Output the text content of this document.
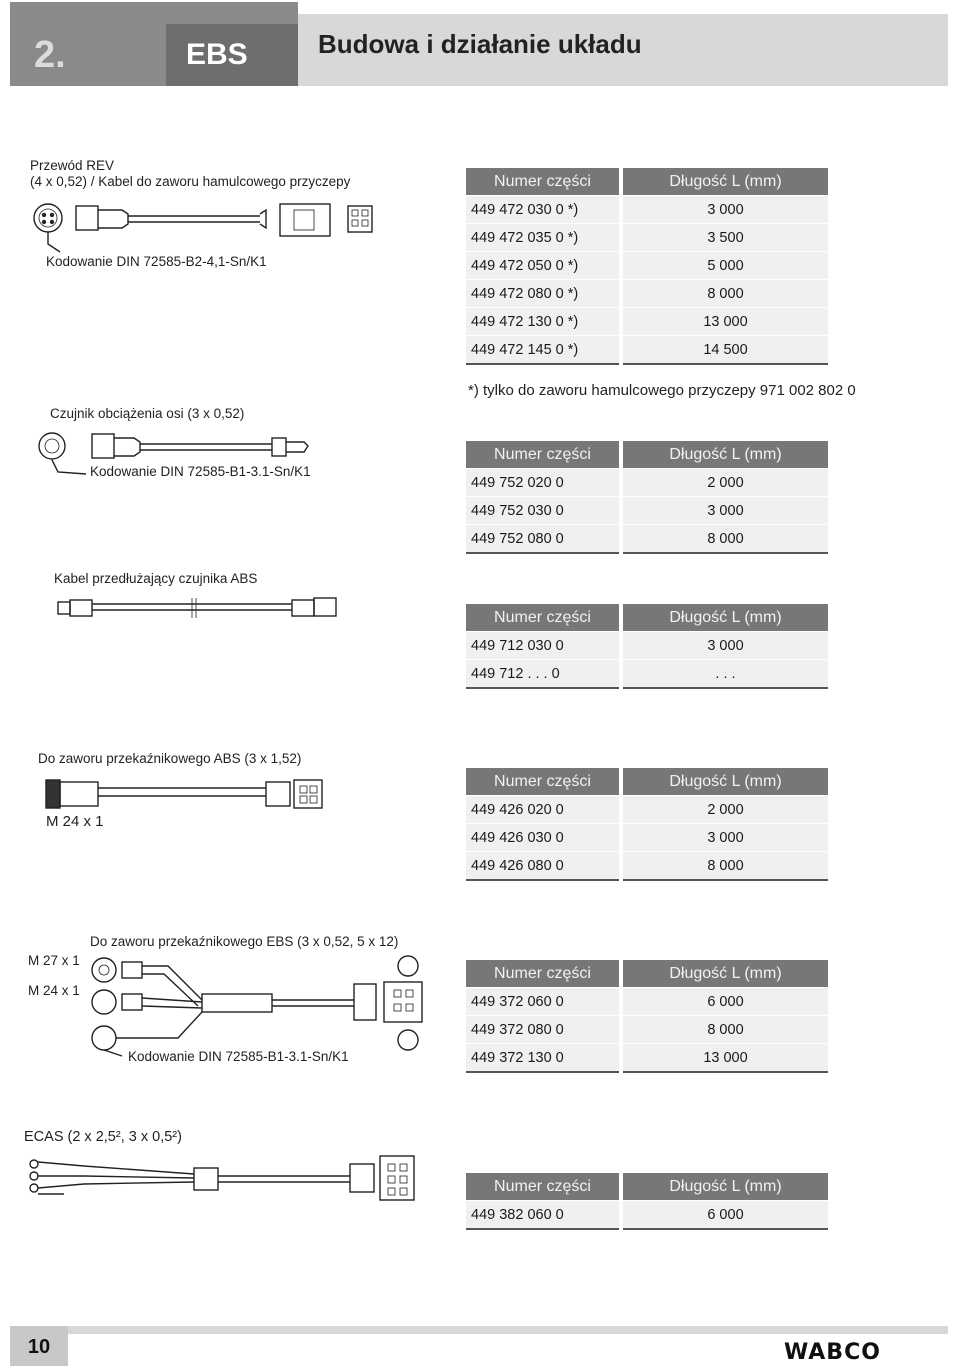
2.	EBS	Budowa i działanie układu
Przewód REV
(4 x 0,52) / Kabel do zaworu hamulcowego przyczepy
Kodowanie DIN 72585-B2-4,1-Sn/K1
Numer części	Długość L (mm)
449 472 030 0 *)	3 000
449 472 035 0 *)	3 500
449 472 050 0 *)	5 000
449 472 080 0 *)	8 000
449 472 130 0 *)	13 000
449 472 145 0 *)	14 500
*) tylko do zaworu hamulcowego przyczepy 971 002 802 0
Czujnik obciążenia osi (3 x 0,52)
Kodowanie DIN 72585-B1-3.1-Sn/K1
Numer części	Długość L (mm)
449 752 020 0	2 000
449 752 030 0	3 000
449 752 080 0	8 000
Kabel przedłużający czujnika ABS
Numer części	Długość L (mm)
449 712 030 0	3 000
449 712 . . . 0	. . .
Do zaworu przekaźnikowego ABS (3 x 1,52)
M 24 x 1
Numer części	Długość L (mm)
449 426 020 0	2 000
449 426 030 0	3 000
449 426 080 0	8 000
Do zaworu przekaźnikowego EBS (3 x 0,52, 5 x 12)
M 27 x 1
M 24 x 1
Kodowanie DIN 72585-B1-3.1-Sn/K1
Numer części	Długość L (mm)
449 372 060 0	6 000
449 372 080 0	8 000
449 372 130 0	13 000
ECAS (2 x 2,5², 3 x 0,5²)
Numer części	Długość L (mm)
449 382 060 0	6 000
10	WABCO
